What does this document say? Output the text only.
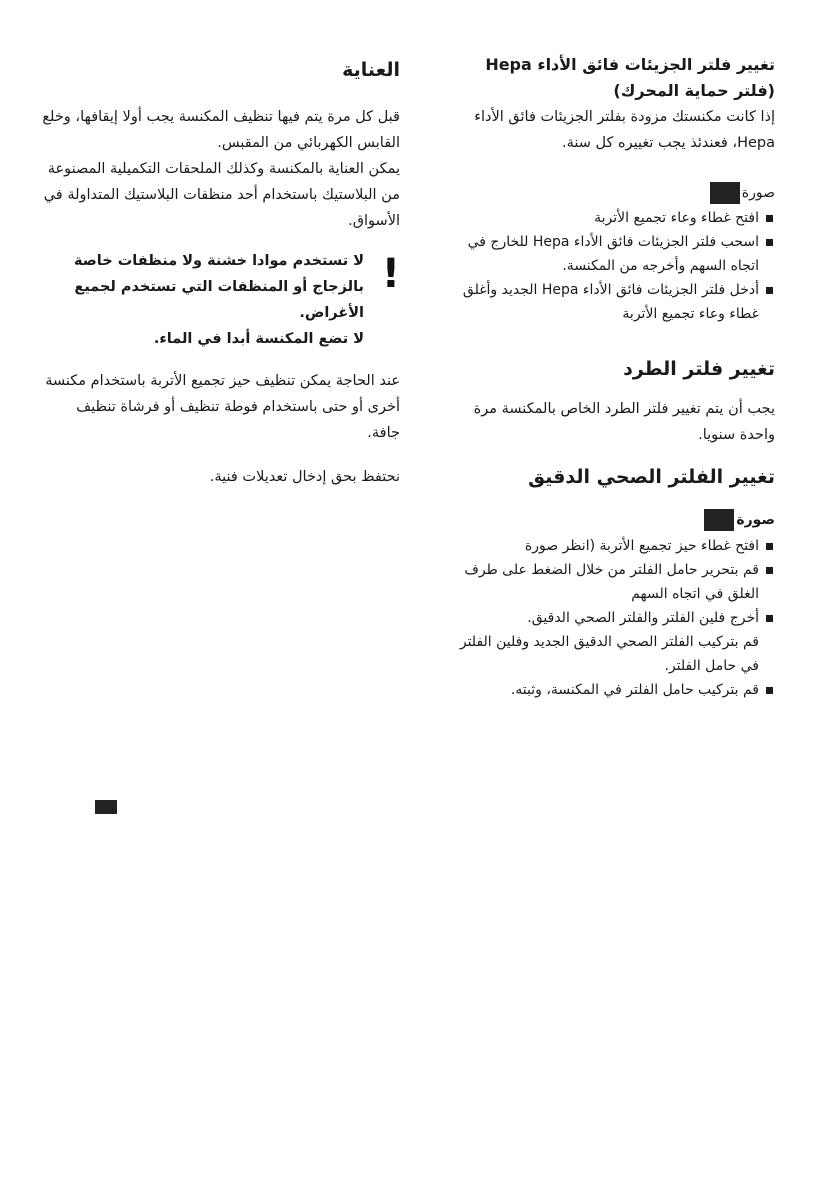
تغيير فلتر الجزيئات فائق الأداء Hepa (فلتر حماية المحرك)

إذا كانت مكنستك مزودة بفلتر الجزيئات فائق الأداء Hepa، فعندئذ يجب تغييره كل سنة.

صورة
افتح غطاء وعاء تجميع الأتربة
اسحب فلتر الجزيئات فائق الأداء Hepa للخارج في اتجاه السهم وأخرجه من المكنسة.
أدخل فلتر الجزيئات فائق الأداء Hepa الجديد وأغلق غطاء وعاء تجميع الأتربة

تغيير فلتر الطرد

يجب أن يتم تغيير فلتر الطرد الخاص بالمكنسة مرة واحدة سنويا.

تغيير الفلتر الصحي الدقيق

صورة
افتح غطاء حيز تجميع الأتربة (انظر صورة
قم بتحرير حامل الفلتر من خلال الضغط على طرف الغلق في اتجاه السهم
أخرج فلين الفلتر والفلتر الصحي الدقيق.
قم بتركيب الفلتر الصحي الدقيق الجديد وفلين الفلتر في حامل الفلتر.
قم بتركيب حامل الفلتر في المكنسة، وثبته.

العناية

قبل كل مرة يتم فيها تنظيف المكنسة يجب أولا إيقافها، وخلع القابس الكهربائي من المقبس.

يمكن العناية بالمكنسة وكذلك الملحقات التكميلية المصنوعة من البلاستيك باستخدام أحد منظفات البلاستيك المتداولة في الأسواق.

!

لا تستخدم موادا خشنة ولا منظفات خاصة بالزجاج أو المنظفات التي تستخدم لجميع الأغراض.

لا تضع المكنسة أبدا في الماء.

عند الحاجة يمكن تنظيف حيز تجميع الأتربة باستخدام مكنسة أخرى أو حتى باستخدام فوطة تنظيف أو فرشاة تنظيف جافة.

نحتفظ بحق إدخال تعديلات فنية.
